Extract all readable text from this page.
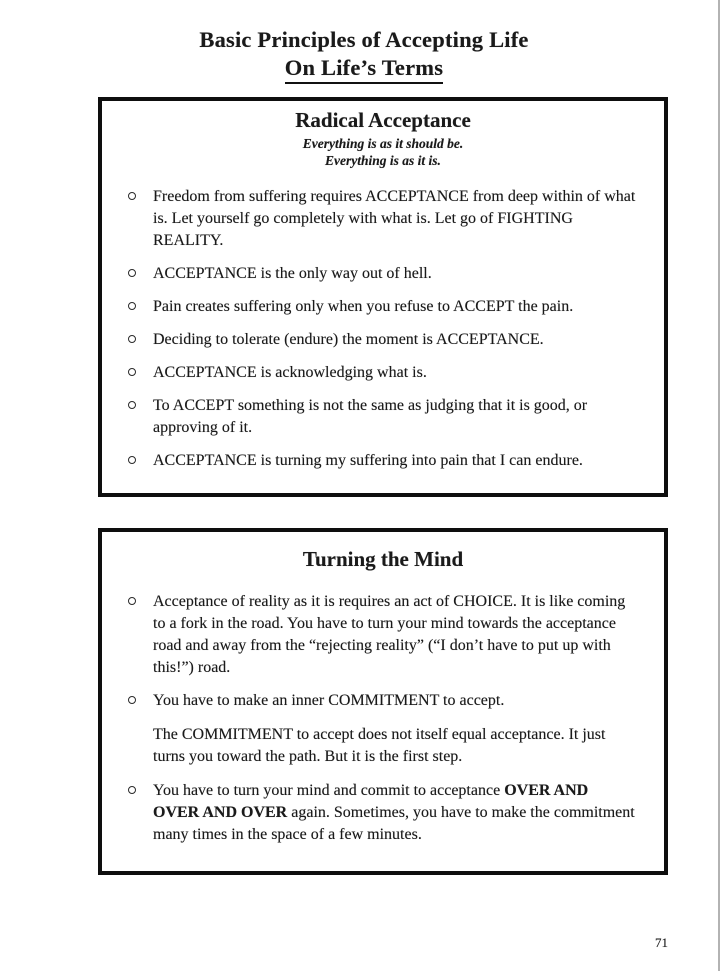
Basic Principles of Accepting Life
On Life’s Terms
Radical Acceptance

Everything is as it should be.
Everything is as it is.

Freedom from suffering requires ACCEPTANCE from deep within of what is. Let yourself go completely with what is. Let go of FIGHTING REALITY.
ACCEPTANCE is the only way out of hell.
Pain creates suffering only when you refuse to ACCEPT the pain.
Deciding to tolerate (endure) the moment is ACCEPTANCE.
ACCEPTANCE is acknowledging what is.
To ACCEPT something is not the same as judging that it is good, or approving of it.
ACCEPTANCE is turning my suffering into pain that I can endure.
Turning the Mind
Acceptance of reality as it is requires an act of CHOICE. It is like coming to a fork in the road. You have to turn your mind towards the acceptance road and away from the “rejecting reality” (“I don’t have to put up with this!”) road.
You have to make an inner COMMITMENT to accept.

The COMMITMENT to accept does not itself equal acceptance. It just turns you toward the path. But it is the first step.

You have to turn your mind and commit to acceptance OVER AND OVER AND OVER again. Sometimes, you have to make the commitment many times in the space of a few minutes.
71
